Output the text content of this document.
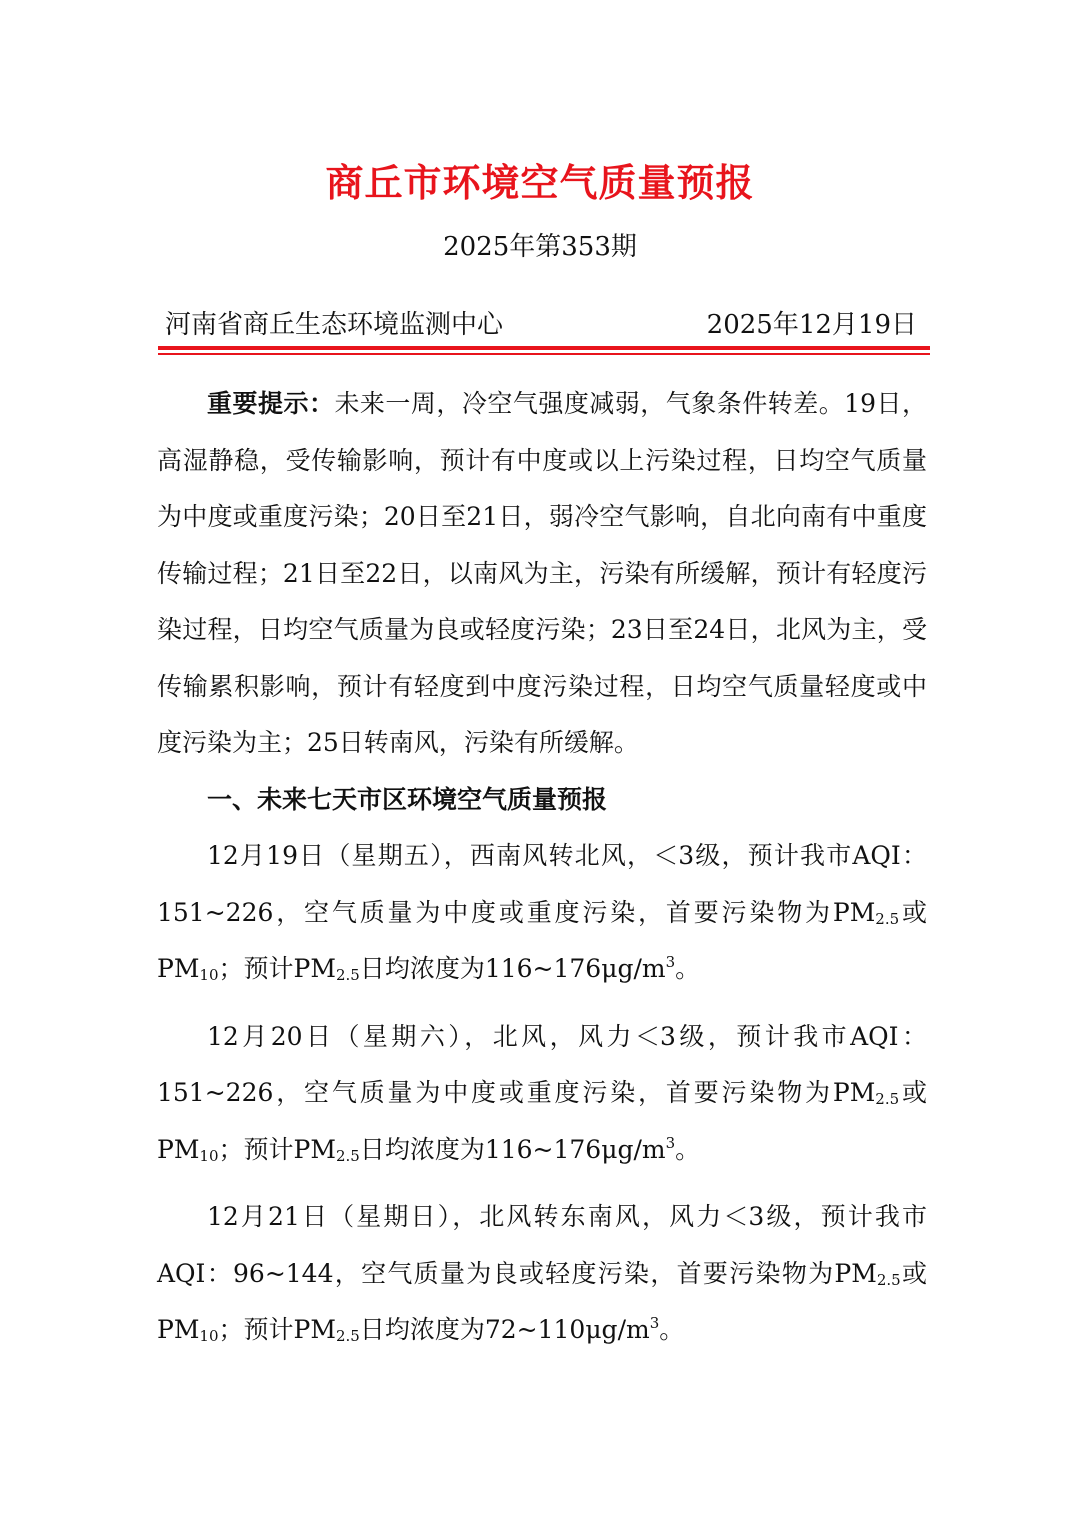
商丘市环境空气质量预报
2025年第353期
河南省商丘生态环境监测中心	2025年12月19日

重要提示：未来一周，冷空气强度减弱，气象条件转差。19日，高湿静稳，受传输影响，预计有中度或以上污染过程，日均空气质量为中度或重度污染；20日至21日，弱冷空气影响，自北向南有中重度传输过程；21日至22日，以南风为主，污染有所缓解，预计有轻度污染过程，日均空气质量为良或轻度污染；23日至24日，北风为主，受传输累积影响，预计有轻度到中度污染过程，日均空气质量轻度或中度污染为主；25日转南风，污染有所缓解。

一、未来七天市区环境空气质量预报

12月19日（星期五），西南风转北风，＜3级，预计我市AQI：151~226，空气质量为中度或重度污染，首要污染物为$PM_{2.5}$或$PM_{10}$；预计$PM_{2.5}$日均浓度为$116\sim 176\mu g/m^3$。

12月20日（星期六），北风，风力＜3级，预计我市AQI：151~226，空气质量为中度或重度污染，首要污染物为$PM_{2.5}$或$PM_{10}$；预计$PM_{2.5}$日均浓度为$116\sim 176\mu g/m^3$。

12月21日（星期日），北风转东南风，风力＜3级，预计我市AQI：96~144，空气质量为良或轻度污染，首要污染物为$PM_{2.5}$或$PM_{10}$；预计$PM_{2.5}$日均浓度为$72\sim 110\mu g/m^3$。
